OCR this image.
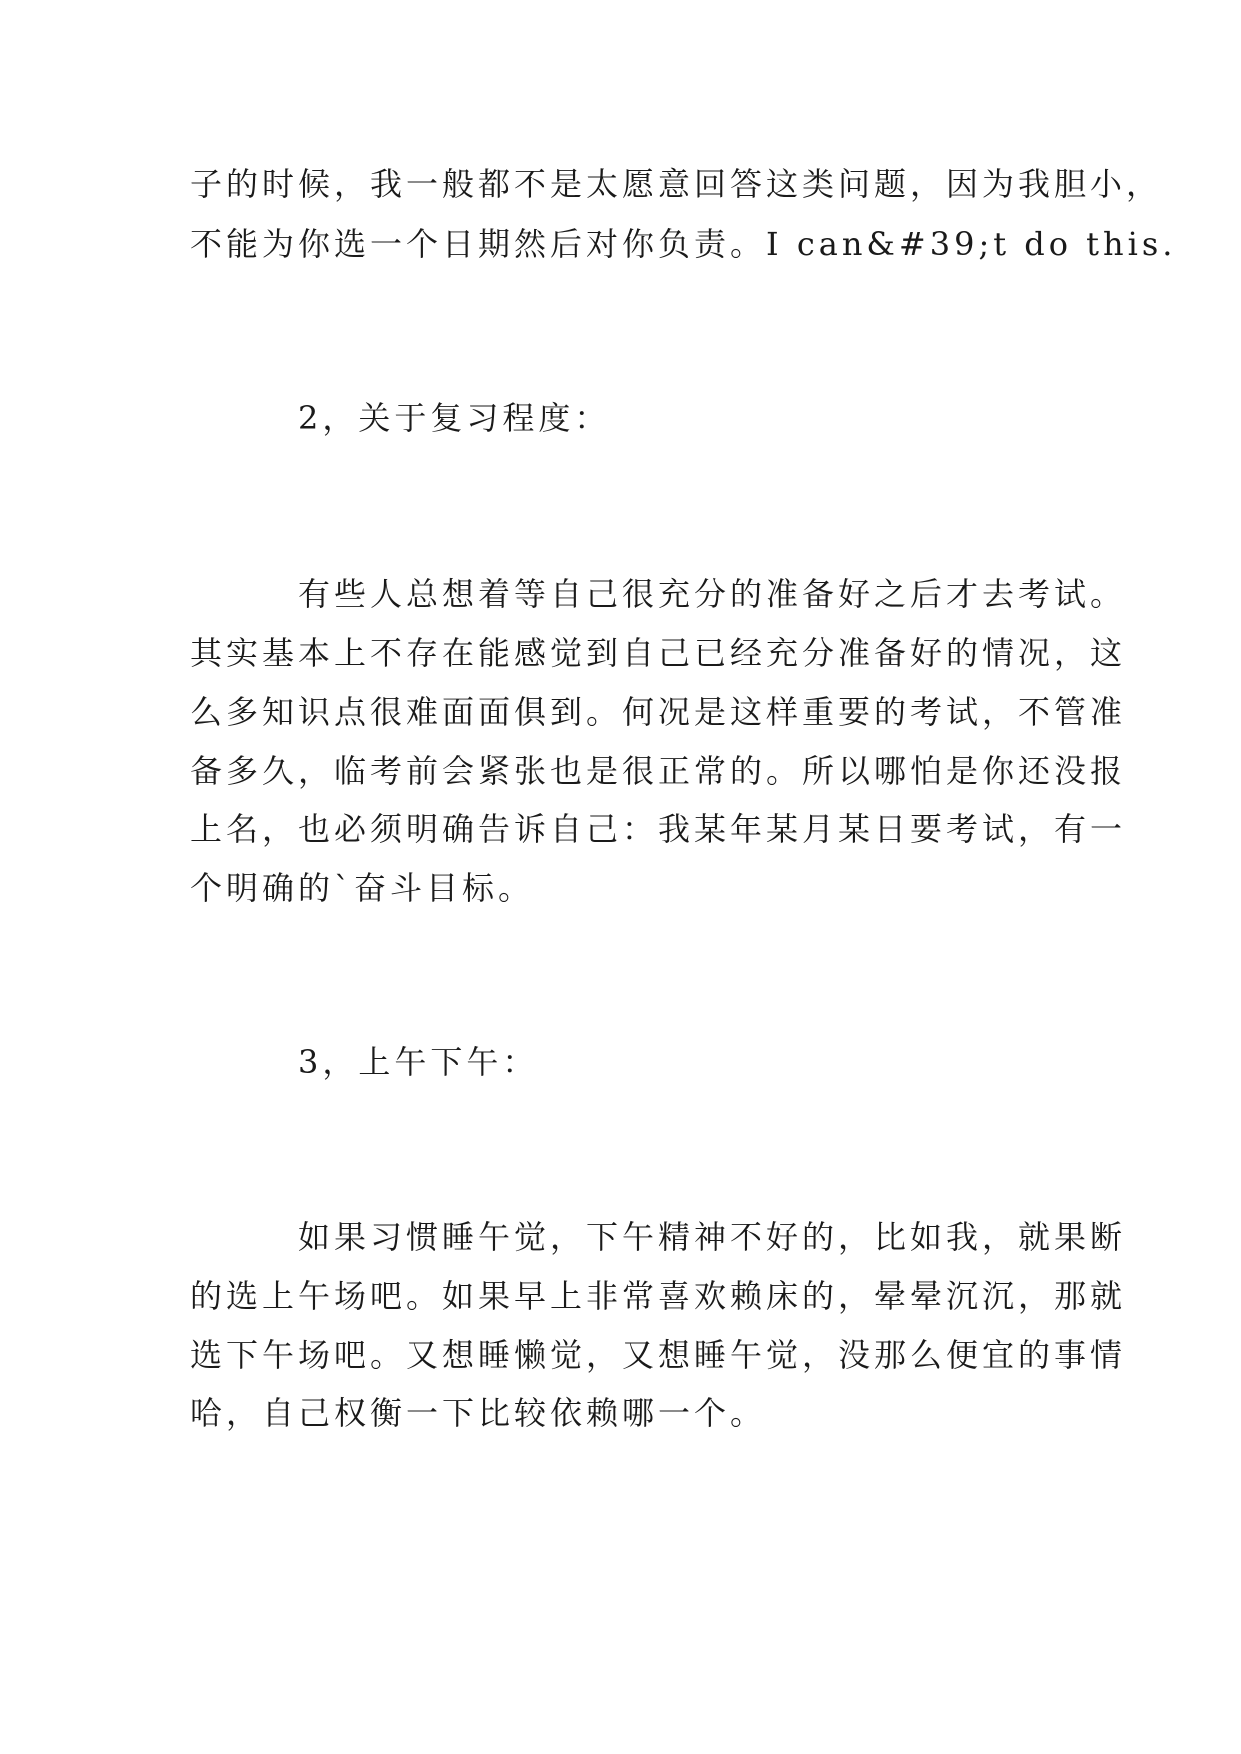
子的时候，我一般都不是太愿意回答这类问题，因为我胆小，

不能为你选一个日期然后对你负责。I can&#39;t do this.

2，关于复习程度：

有些人总想着等自己很充分的准备好之后才去考试。

其实基本上不存在能感觉到自己已经充分准备好的情况，这

么多知识点很难面面俱到。何况是这样重要的考试，不管准

备多久，临考前会紧张也是很正常的。所以哪怕是你还没报

上名，也必须明确告诉自己：我某年某月某日要考试，有一

个明确的`奋斗目标。

3，上午下午：

如果习惯睡午觉，下午精神不好的，比如我，就果断

的选上午场吧。如果早上非常喜欢赖床的，晕晕沉沉，那就

选下午场吧。又想睡懒觉，又想睡午觉，没那么便宜的事情

哈，自己权衡一下比较依赖哪一个。
